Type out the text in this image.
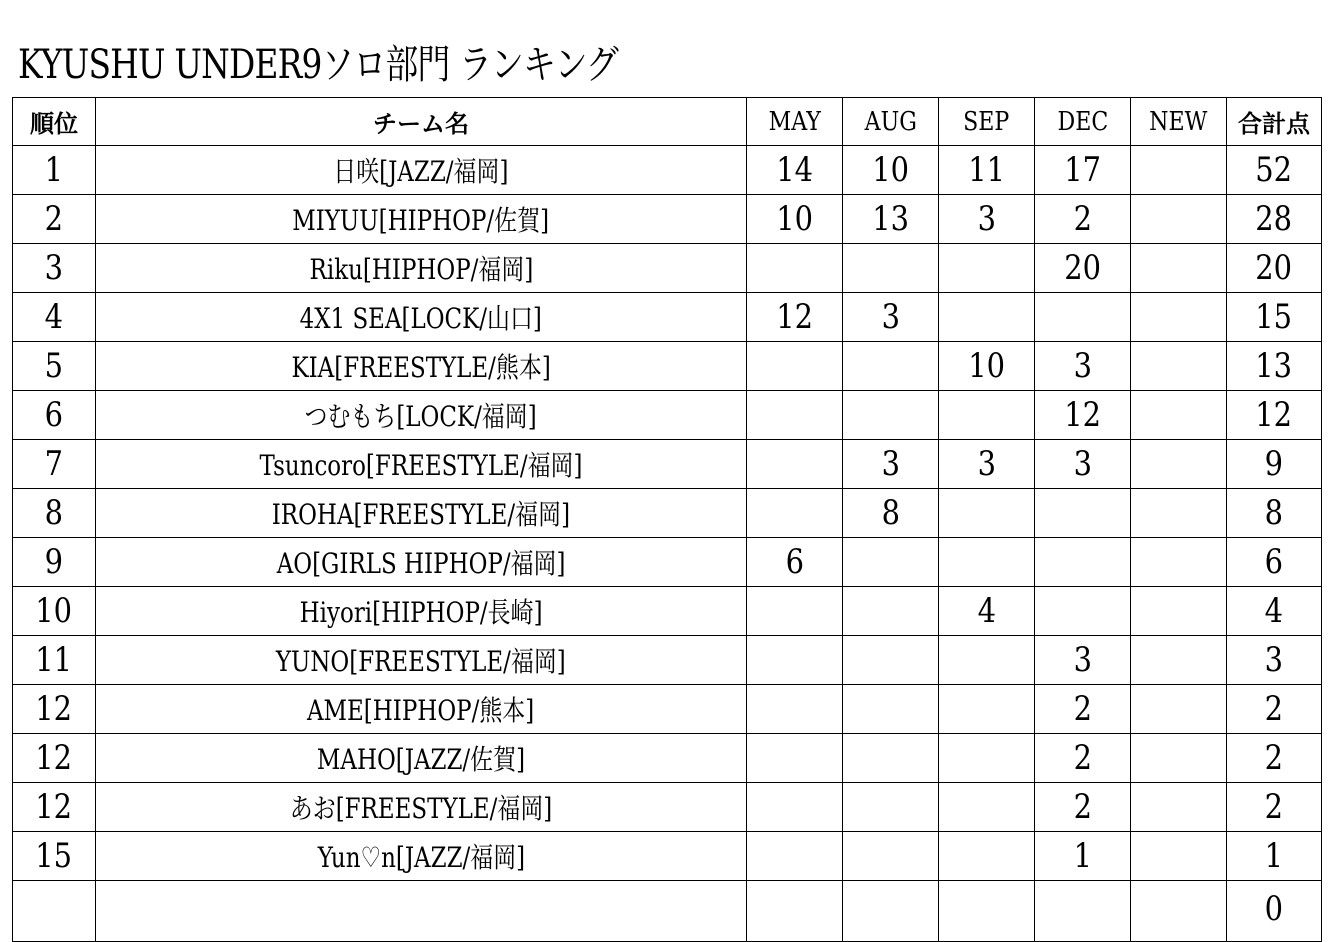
KYUSHU UNDER9ソロ部門 ランキング
順位	チーム名	MAY	AUG	SEP	DEC	NEW	合計点
1	日咲[JAZZ/福岡]	14	10	11	17		52
2	MIYUU[HIPHOP/佐賀]	10	13	3	2		28
3	Riku[HIPHOP/福岡]				20		20
4	4X1 SEA[LOCK/山口]	12	3				15
5	KIA[FREESTYLE/熊本]			10	3		13
6	つむもち[LOCK/福岡]				12		12
7	Tsuncoro[FREESTYLE/福岡]		3	3	3		9
8	IROHA[FREESTYLE/福岡]		8				8
9	AO[GIRLS HIPHOP/福岡]	6					6
10	Hiyori[HIPHOP/長崎]			4			4
11	YUNO[FREESTYLE/福岡]				3		3
12	AME[HIPHOP/熊本]				2		2
12	MAHO[JAZZ/佐賀]				2		2
12	あお[FREESTYLE/福岡]				2		2
15	Yun♡n[JAZZ/福岡]				1		1
							0
